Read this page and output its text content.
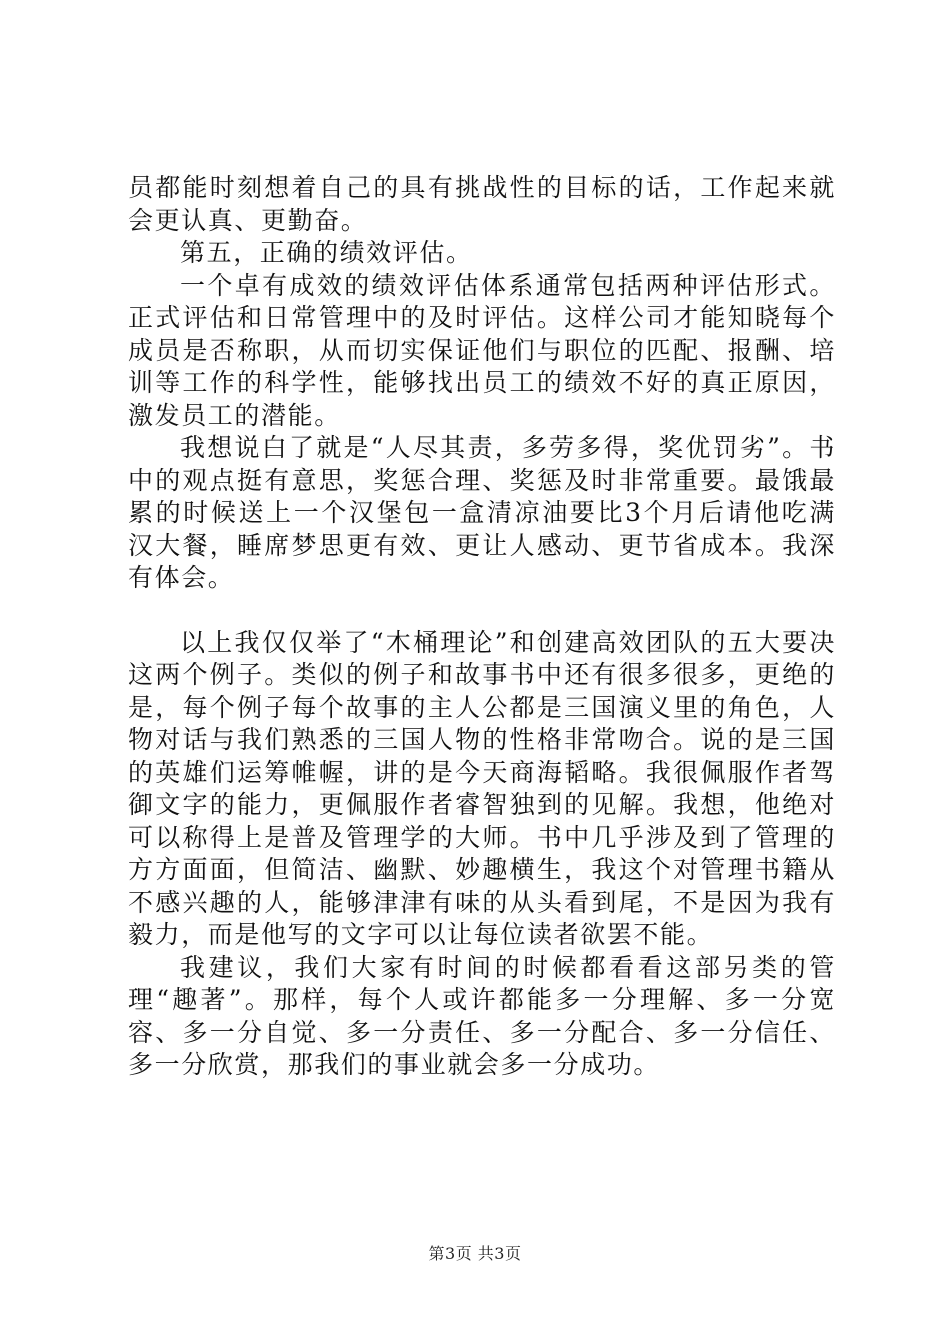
员都能时刻想着自己的具有挑战性的目标的话，工作起来就会更认真、更勤奋。

第五，正确的绩效评估。

一个卓有成效的绩效评估体系通常包括两种评估形式。正式评估和日常管理中的及时评估。这样公司才能知晓每个成员是否称职，从而切实保证他们与职位的匹配、报酬、培训等工作的科学性，能够找出员工的绩效不好的真正原因，激发员工的潜能。

我想说白了就是“人尽其责，多劳多得，奖优罚劣”。书中的观点挺有意思，奖惩合理、奖惩及时非常重要。最饿最累的时候送上一个汉堡包一盒清凉油要比3个月后请他吃满汉大餐，睡席梦思更有效、更让人感动、更节省成本。我深有体会。

以上我仅仅举了“木桶理论”和创建高效团队的五大要决这两个例子。类似的例子和故事书中还有很多很多，更绝的是，每个例子每个故事的主人公都是三国演义里的角色，人物对话与我们熟悉的三国人物的性格非常吻合。说的是三国的英雄们运筹帷幄，讲的是今天商海韬略。我很佩服作者驾御文字的能力，更佩服作者睿智独到的见解。我想，他绝对可以称得上是普及管理学的大师。书中几乎涉及到了管理的方方面面，但简洁、幽默、妙趣横生，我这个对管理书籍从不感兴趣的人，能够津津有味的从头看到尾，不是因为我有毅力，而是他写的文字可以让每位读者欲罢不能。

我建议，我们大家有时间的时候都看看这部另类的管理“趣著”。那样，每个人或许都能多一分理解、多一分宽容、多一分自觉、多一分责任、多一分配合、多一分信任、多一分欣赏，那我们的事业就会多一分成功。

第3页 共3页
